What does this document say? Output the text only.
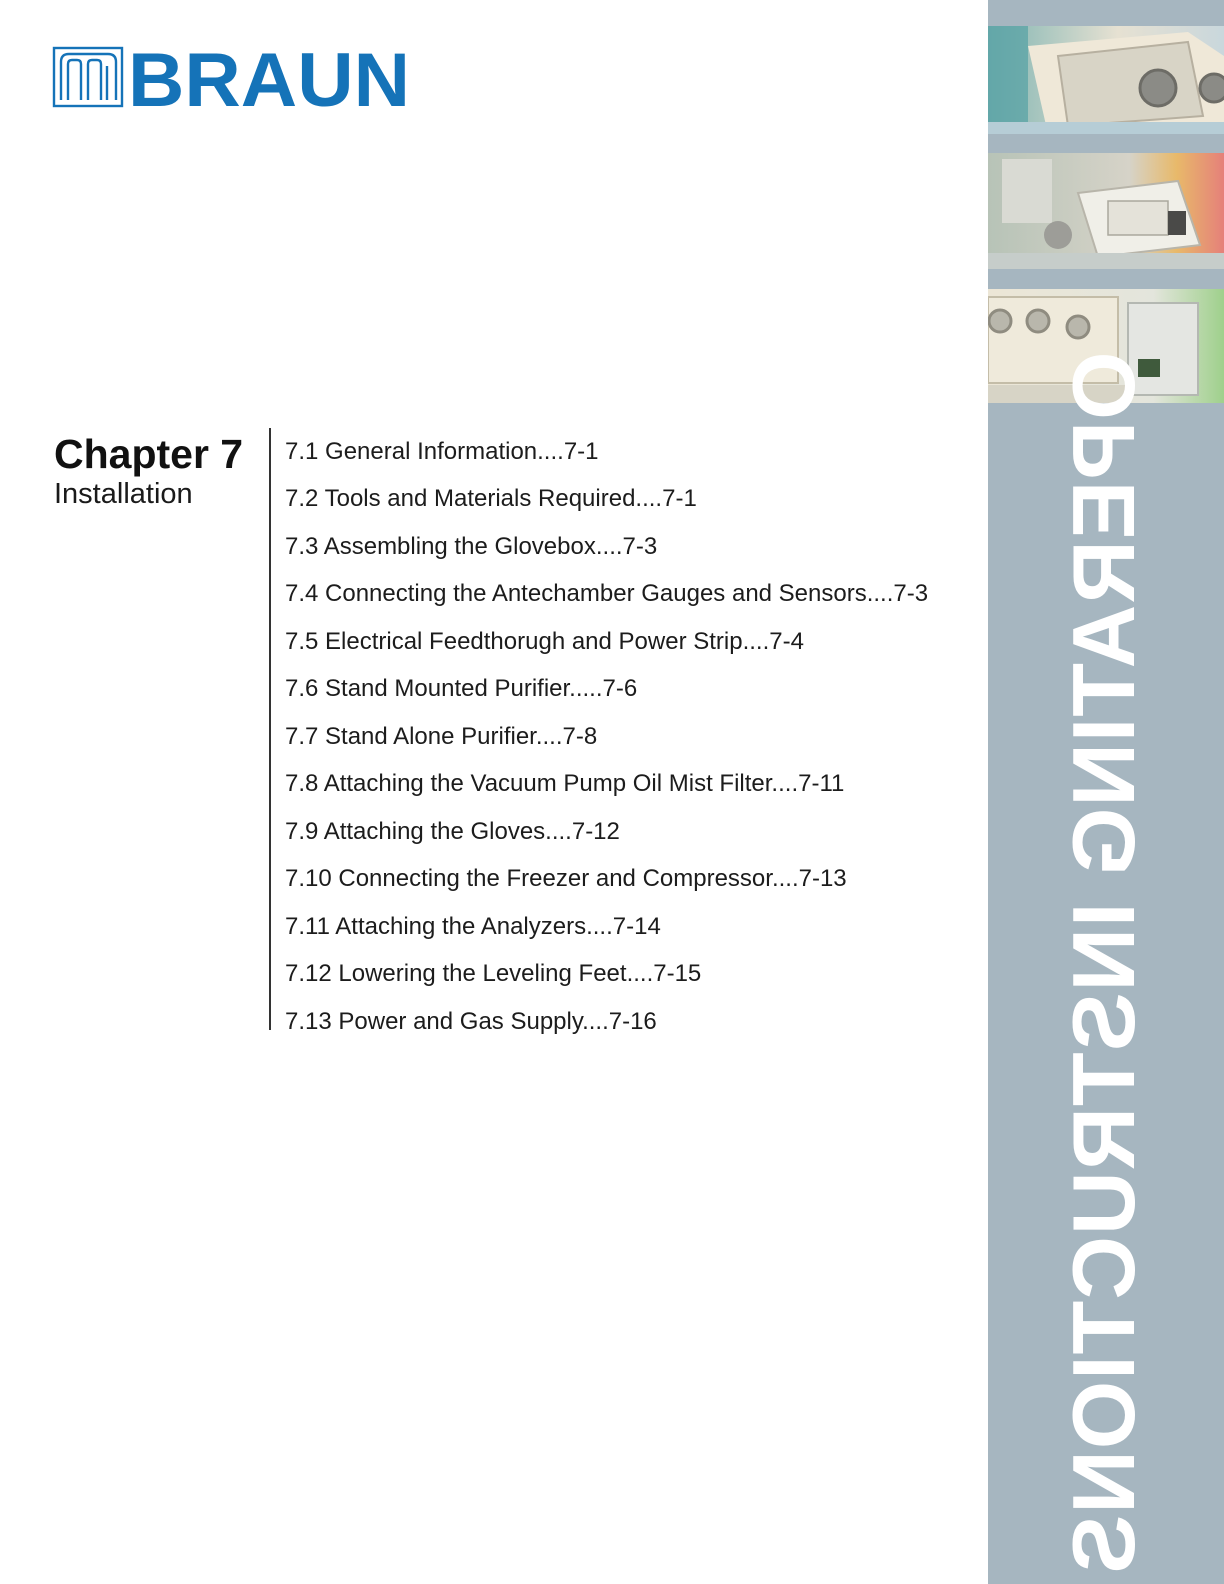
BRAUN
Chapter 7
Installation
7.1 General Information....7-1
7.2 Tools and Materials Required....7-1
7.3 Assembling the Glovebox....7-3
7.4 Connecting the Antechamber Gauges and Sensors....7-3
7.5 Electrical Feedthorugh and Power Strip....7-4
7.6 Stand Mounted Purifier.....7-6
7.7 Stand Alone Purifier....7-8
7.8 Attaching the Vacuum Pump Oil Mist Filter....7-11
7.9 Attaching the Gloves....7-12
7.10 Connecting the Freezer and Compressor....7-13
7.11 Attaching the Analyzers....7-14
7.12 Lowering the Leveling Feet....7-15
7.13 Power and Gas Supply....7-16	OPERATING INSTRUCTIONS
